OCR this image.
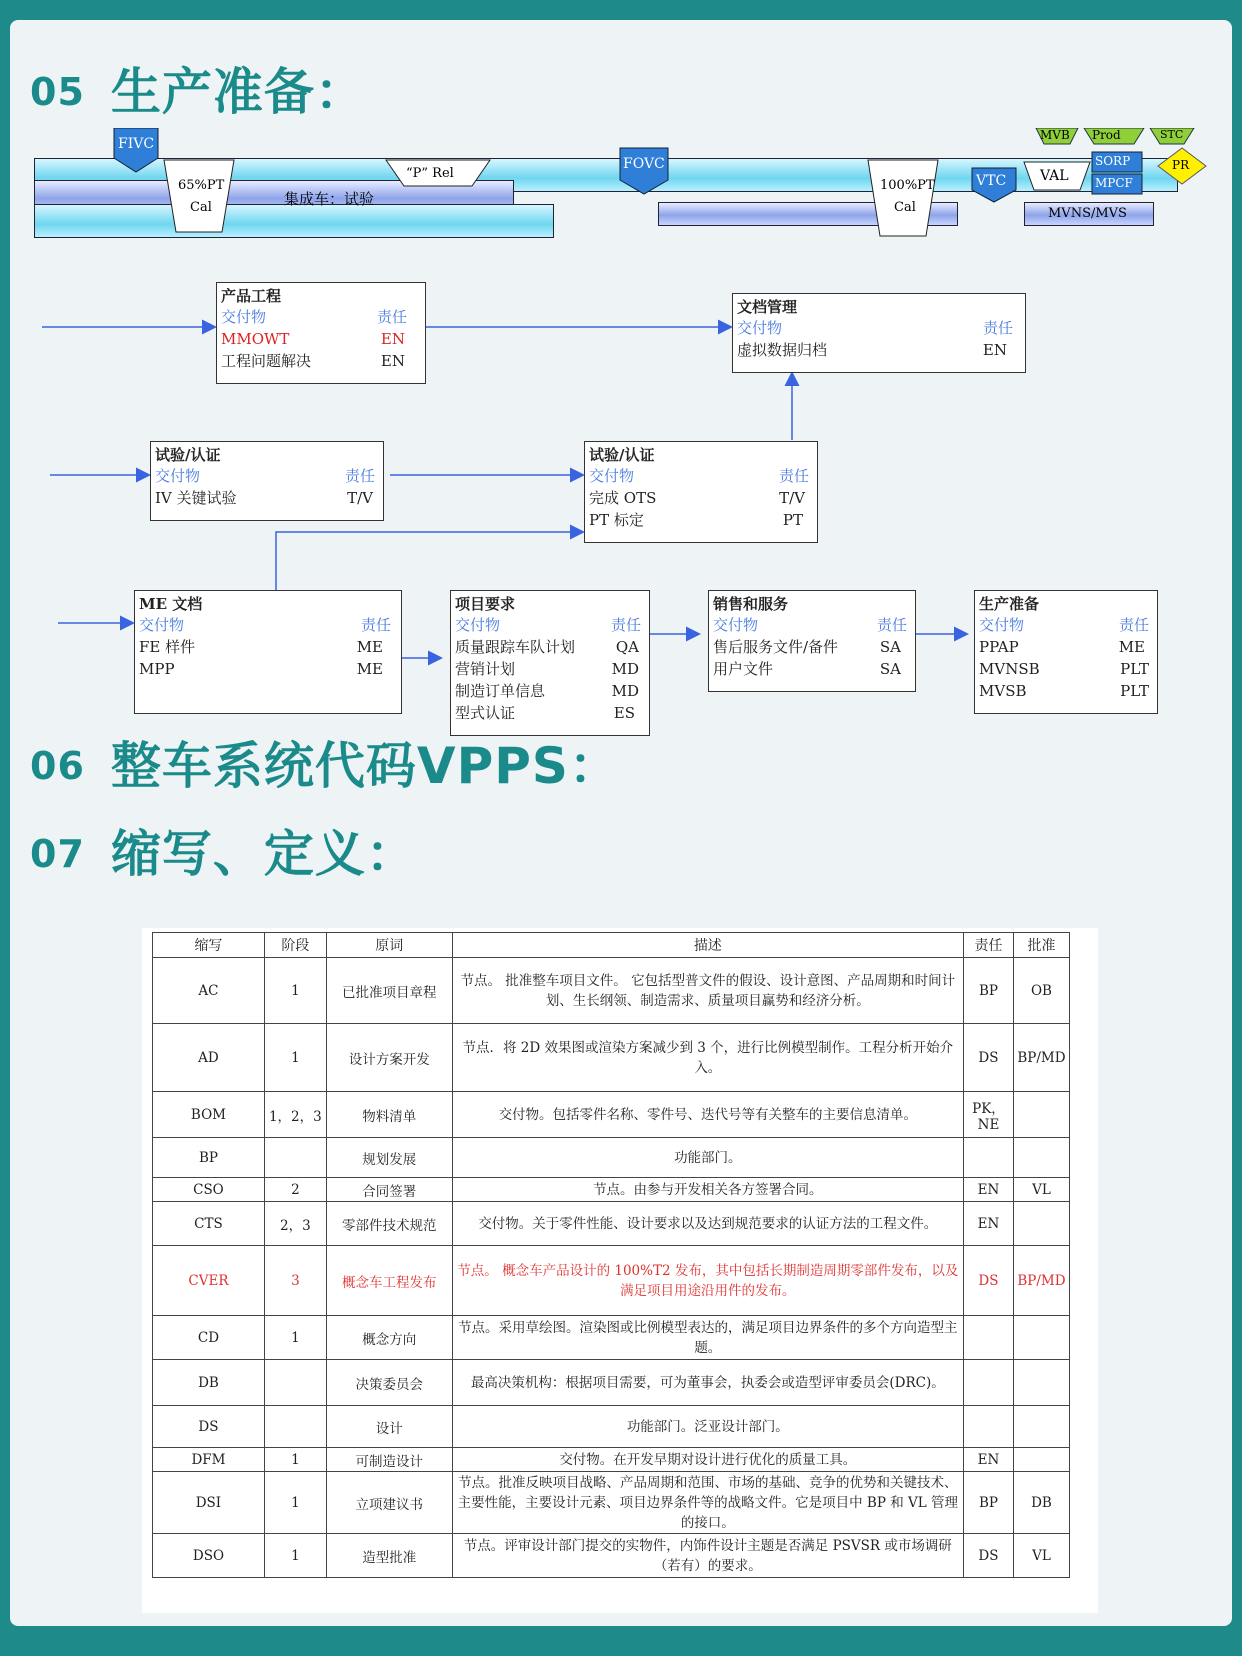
05 生产准备：
06 整车系统代码VPPS：
07 缩写、定义：
集成车：试验
FIVC
FOVC
VTC
65%PT
Cal
“P” Rel
100%PT
Cal
VAL
MVB Prod	STC
SORP
MPCF
PR
MVNS/MVS
产品工程
交付物	责任
MMOWT	EN
工程问题解决	EN
文档管理
交付物	责任
虚拟数据归档	EN
试验/认证
交付物	责任
IV 关键试验	T/V
试验/认证
交付物	责任
完成 OTS	T/V
PT 标定	PT
ME 文档
交付物	责任
FE 样件	ME
MPP	ME
项目要求
交付物	责任
质量跟踪车队计划	QA
营销计划	MD
制造订单信息	MD
型式认证	ES
销售和服务
交付物	责任
售后服务文件/备件	SA
用户文件	SA
生产准备
交付物	责任
PPAP	ME
MVNSB	PLT
MVSB	PLT
缩写	阶段	原词	描述	责任	批准
AC	1	已批准项目章程	节点。 批准整车项目文件。 它包括型普文件的假设、设计意图、产品周期和时间计划、生长纲领、制造需求、质量项目赢势和经济分析。	BP	OB
AD	1	设计方案开发	节点．将 2D 效果图或渲染方案减少到 3 个，进行比例模型制作。工程分析开始介入。	DS	BP/MD
BOM	1，2，3	物料清单	交付物。包括零件名称、零件号、迭代号等有关整车的主要信息清单。	PK，NE	
BP		规划发展	功能部门。		
CSO	2	合同签署	节点。由参与开发相关各方签署合同。	EN	VL
CTS	2，3	零部件技术规范	交付物。关于零件性能、设计要求以及达到规范要求的认证方法的工程文件。	EN	
CVER	3	概念车工程发布	节点。 概念车产品设计的 100%T2 发布，其中包括长期制造周期零部件发布，以及满足项目用途沿用件的发布。	DS	BP/MD
CD	1	概念方向	节点。采用草绘图。渲染图或比例模型表达的，满足项目边界条件的多个方向造型主题。		
DB		决策委员会	最高决策机构：根据项目需要，可为董事会，执委会或造型评审委员会(DRC)。		
DS		设计	功能部门。泛亚设计部门。		
DFM	1	可制造设计	交付物。在开发早期对设计进行优化的质量工具。	EN	
DSI	1	立项建议书	节点。批准反映项目战略、产品周期和范围、市场的基础、竞争的优势和关键技术、主要性能，主要设计元素、项目边界条件等的战略文件。它是项目中 BP 和 VL 管理的接口。	BP	DB
DSO	1	造型批准	节点。评审设计部门提交的实物件，内饰件设计主题是否满足 PSVSR 或市场调研（若有）的要求。	DS	VL
